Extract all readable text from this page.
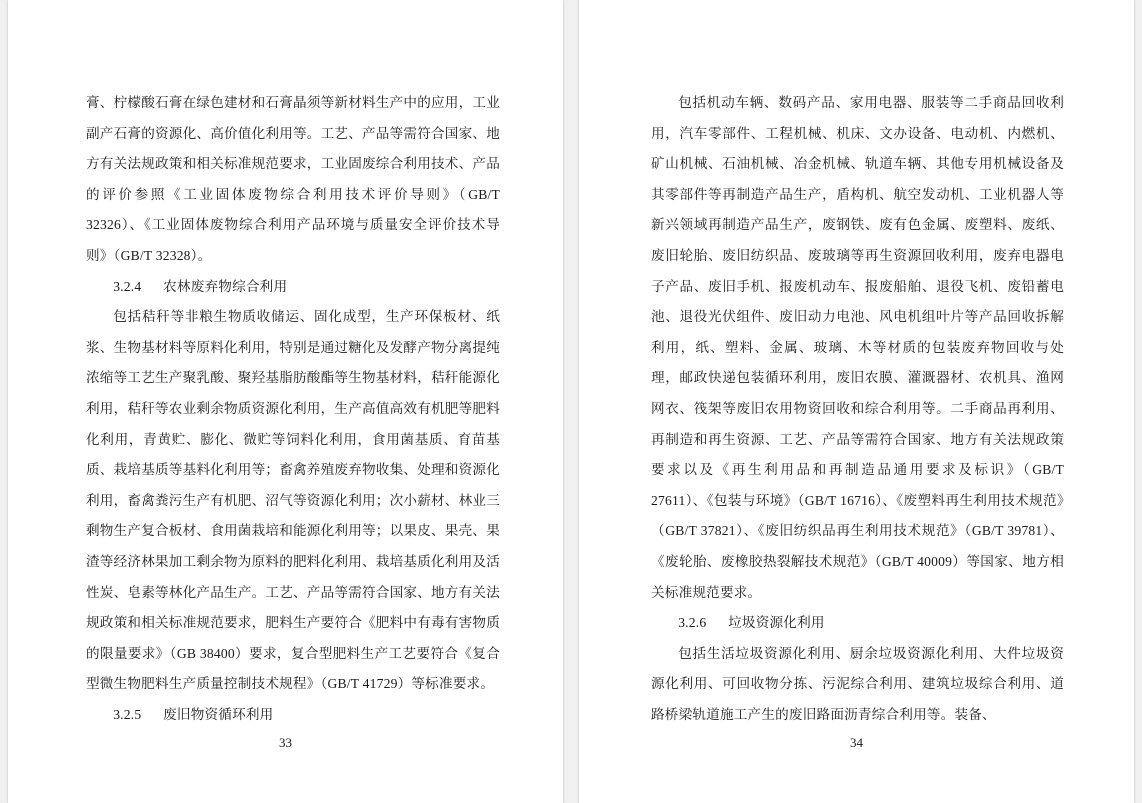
膏、柠檬酸石膏在绿色建材和石膏晶须等新材料生产中的应用，工业副产石膏的资源化、高价值化利用等。工艺、产品等需符合国家、地方有关法规政策和相关标准规范要求，工业固废综合利用技术、产品的评价参照《工业固体废物综合利用技术评价导则》（GB/T 32326）、《工业固体废物综合利用产品环境与质量安全评价技术导则》（GB/T 32328）。

3.2.4 农林废弃物综合利用

包括秸秆等非粮生物质收储运、固化成型，生产环保板材、纸浆、生物基材料等原料化利用，特别是通过糖化及发酵产物分离提纯浓缩等工艺生产聚乳酸、聚羟基脂肪酸酯等生物基材料，秸秆能源化利用，秸秆等农业剩余物质资源化利用，生产高值高效有机肥等肥料化利用，青黄贮、膨化、微贮等饲料化利用，食用菌基质、育苗基质、栽培基质等基料化利用等；畜禽养殖废弃物收集、处理和资源化利用，畜禽粪污生产有机肥、沼气等资源化利用；次小薪材、林业三剩物生产复合板材、食用菌栽培和能源化利用等；以果皮、果壳、果渣等经济林果加工剩余物为原料的肥料化利用、栽培基质化利用及活性炭、皂素等林化产品生产。工艺、产品等需符合国家、地方有关法规政策和相关标准规范要求，肥料生产要符合《肥料中有毒有害物质的限量要求》（GB 38400）要求，复合型肥料生产工艺要符合《复合型微生物肥料生产质量控制技术规程》（GB/T 41729）等标准要求。

3.2.5 废旧物资循环利用
33

包括机动车辆、数码产品、家用电器、服装等二手商品回收利用，汽车零部件、工程机械、机床、文办设备、电动机、内燃机、矿山机械、石油机械、冶金机械、轨道车辆、其他专用机械设备及其零部件等再制造产品生产，盾构机、航空发动机、工业机器人等新兴领域再制造产品生产，废钢铁、废有色金属、废塑料、废纸、废旧轮胎、废旧纺织品、废玻璃等再生资源回收利用，废弃电器电子产品、废旧手机、报废机动车、报废船舶、退役飞机、废铅蓄电池、退役光伏组件、废旧动力电池、风电机组叶片等产品回收拆解利用，纸、塑料、金属、玻璃、木等材质的包装废弃物回收与处理，邮政快递包装循环利用，废旧农膜、灌溉器材、农机具、渔网网衣、筏架等废旧农用物资回收和综合利用等。二手商品再利用、再制造和再生资源、工艺、产品等需符合国家、地方有关法规政策要求以及《再生利用品和再制造品通用要求及标识》（GB/T 27611）、《包装与环境》（GB/T 16716）、《废塑料再生利用技术规范》（GB/T 37821）、《废旧纺织品再生利用技术规范》（GB/T 39781）、《废轮胎、废橡胶热裂解技术规范》（GB/T 40009）等国家、地方相关标准规范要求。

3.2.6 垃圾资源化利用

包括生活垃圾资源化利用、厨余垃圾资源化利用、大件垃圾资源化利用、可回收物分拣、污泥综合利用、建筑垃圾综合利用、道路桥梁轨道施工产生的废旧路面沥青综合利用等。装备、

34
